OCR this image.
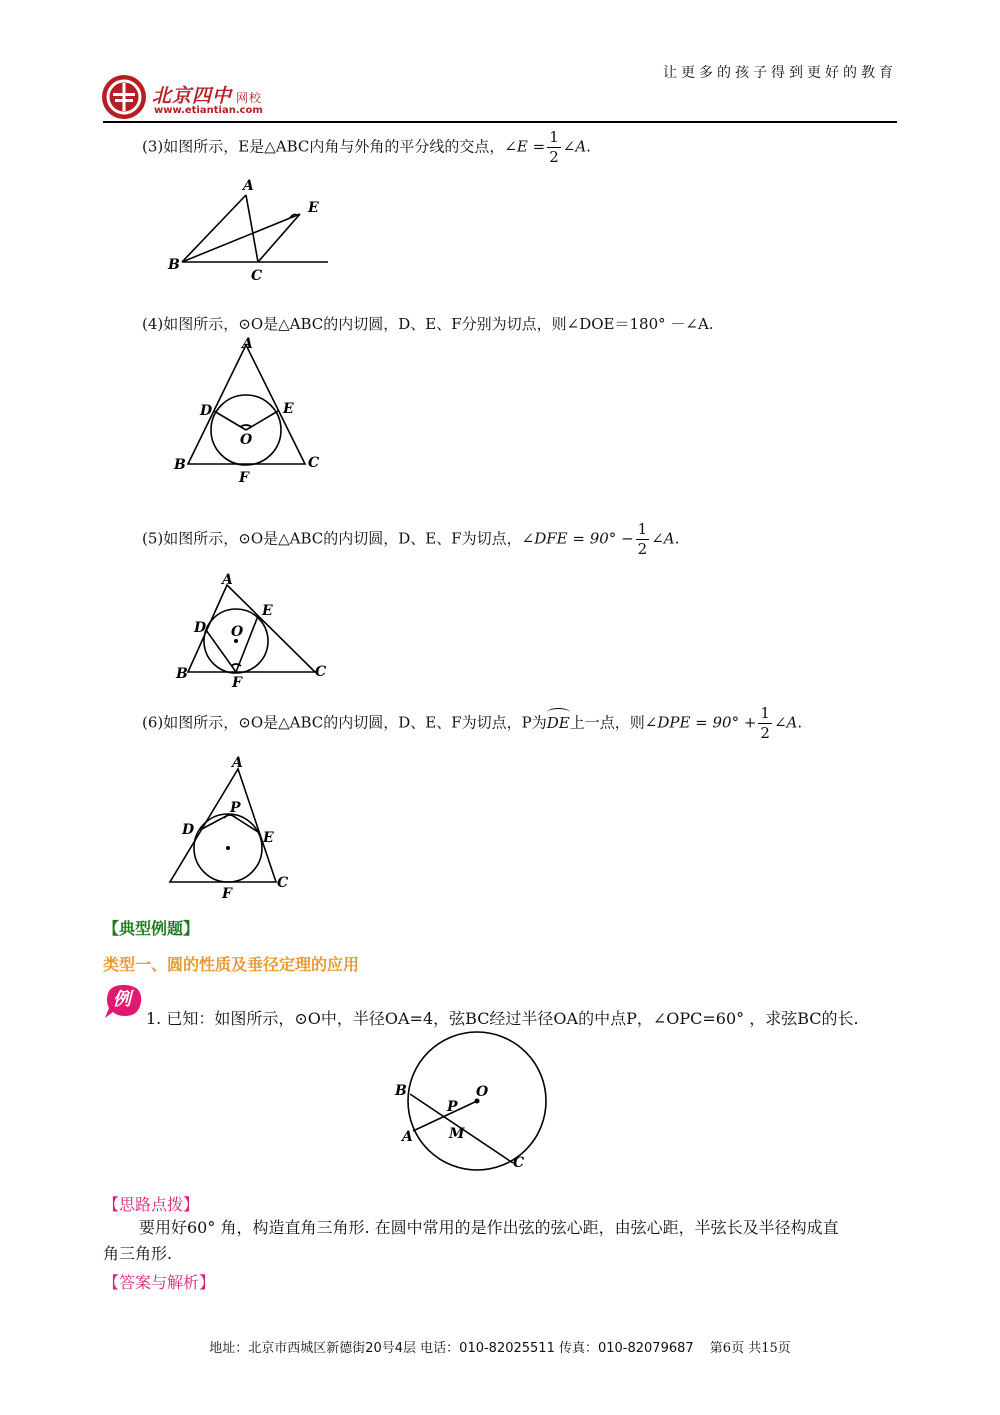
北京四中 网校
www.etiantian.com
让更多的孩子得到更好的教育
(3)如图所示，E是△ABC内角与外角的平分线的交点，∠E = $\frac{1}{2}$ ∠A.
A
E
B
C
(4)如图所示，⊙O是△ABC的内切圆，D、E、F分别为切点，则∠DOE＝180° －∠A.
A
D	E
O
B	C
F
(5)如图所示，⊙O是△ABC的内切圆，D、E、F为切点，∠DFE = $90^\circ - \frac{1}{2}$ ∠A.
A
E
D O
B	C
F
(6)如图所示，⊙O是△ABC的内切圆，D、E、F为切点，P为DE上一点，则∠DPE = $90^\circ + \frac{1}{2}$ ∠A.
A
P
D	E
C
F
【典型例题】
类型一、圆的性质及垂径定理的应用
例
1. 已知：如图所示，⊙O中，半径OA=4，弦BC经过半径OA的中点P，∠OPC=60° ，求弦BC的长.
B	O
P
A	M
C
【思路点拨】
要用好60° 角，构造直角三角形. 在圆中常用的是作出弦的弦心距，由弦心距，半弦长及半径构成直
角三角形.
【答案与解析】
地址：北京市西城区新德街20号4层 电话：010-82025511 传真：010-82079687 第6页 共15页
